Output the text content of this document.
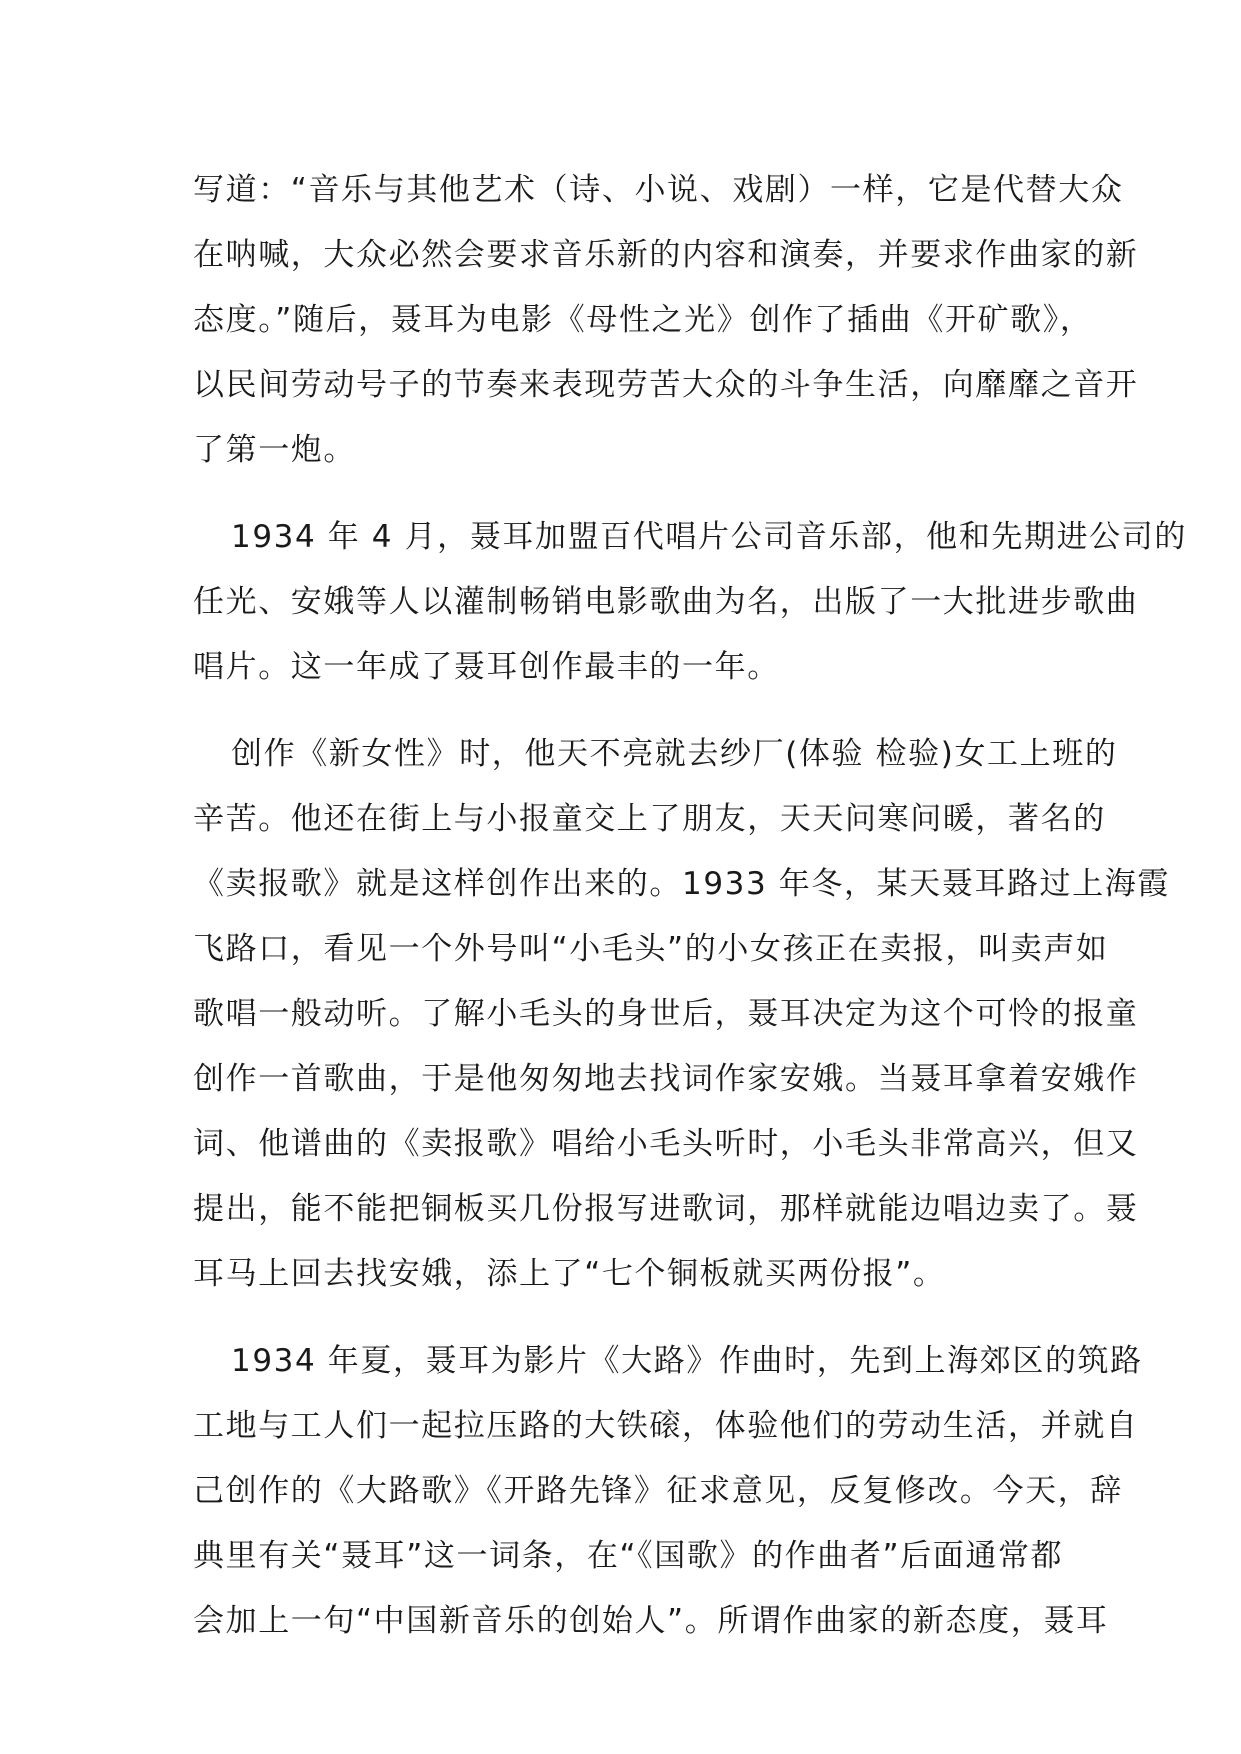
写道：“音乐与其他艺术（诗、小说、戏剧）一样，它是代替大众
在呐喊，大众必然会要求音乐新的内容和演奏，并要求作曲家的新
态度。”随后，聂耳为电影《母性之光》创作了插曲《开矿歌》，
以民间劳动号子的节奏来表现劳苦大众的斗争生活，向靡靡之音开
了第一炮。
1934 年 4 月，聂耳加盟百代唱片公司音乐部，他和先期进公司的
任光、安娥等人以灌制畅销电影歌曲为名，出版了一大批进步歌曲
唱片。这一年成了聂耳创作最丰的一年。
创作《新女性》时，他天不亮就去纱厂(体验 检验)女工上班的
辛苦。他还在街上与小报童交上了朋友，天天问寒问暖，著名的
《卖报歌》就是这样创作出来的。1933 年冬，某天聂耳路过上海霞
飞路口，看见一个外号叫“小毛头”的小女孩正在卖报，叫卖声如
歌唱一般动听。了解小毛头的身世后，聂耳决定为这个可怜的报童
创作一首歌曲，于是他匆匆地去找词作家安娥。当聂耳拿着安娥作
词、他谱曲的《卖报歌》唱给小毛头听时，小毛头非常高兴，但又
提出，能不能把铜板买几份报写进歌词，那样就能边唱边卖了。聂
耳马上回去找安娥，添上了“七个铜板就买两份报”。
1934 年夏，聂耳为影片《大路》作曲时，先到上海郊区的筑路
工地与工人们一起拉压路的大铁磙，体验他们的劳动生活，并就自
己创作的《大路歌》《开路先锋》征求意见，反复修改。今天，辞
典里有关“聂耳”这一词条，在“《国歌》的作曲者”后面通常都
会加上一句“中国新音乐的创始人”。所谓作曲家的新态度，聂耳
